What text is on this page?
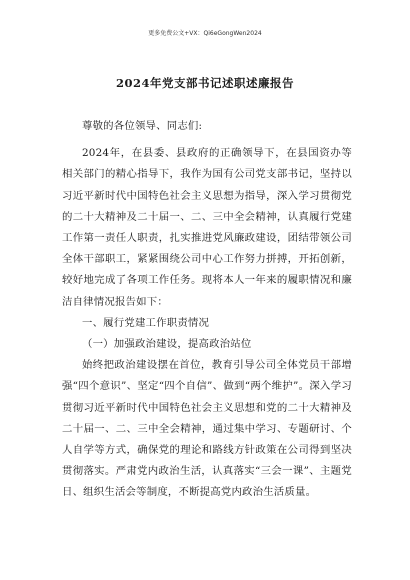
更多免费公文+VX：Qi6eGongWen2024
2024年党支部书记述职述廉报告

尊敬的各位领导、同志们:

2024年，在县委、县政府的正确领导下，在县国资办等相关部门的精心指导下，我作为国有公司党支部书记，坚持以习近平新时代中国特色社会主义思想为指导，深入学习贯彻党的二十大精神及二十届一、二、三中全会精神，认真履行党建工作第一责任人职责，扎实推进党风廉政建设，团结带领公司全体干部职工，紧紧围绕公司中心工作努力拼搏，开拓创新，较好地完成了各项工作任务。现将本人一年来的履职情况和廉洁自律情况报告如下：

一、履行党建工作职责情况

（一）加强政治建设，提高政治站位

始终把政治建设摆在首位，教育引导公司全体党员干部增强“四个意识”、坚定“四个自信”、做到“两个维护”。深入学习贯彻习近平新时代中国特色社会主义思想和党的二十大精神及二十届一、二、三中全会精神，通过集中学习、专题研讨、个人自学等方式，确保党的理论和路线方针政策在公司得到坚决贯彻落实。严肃党内政治生活，认真落实“三会一课”、主题党日、组织生活会等制度，不断提高党内政治生活质量。
